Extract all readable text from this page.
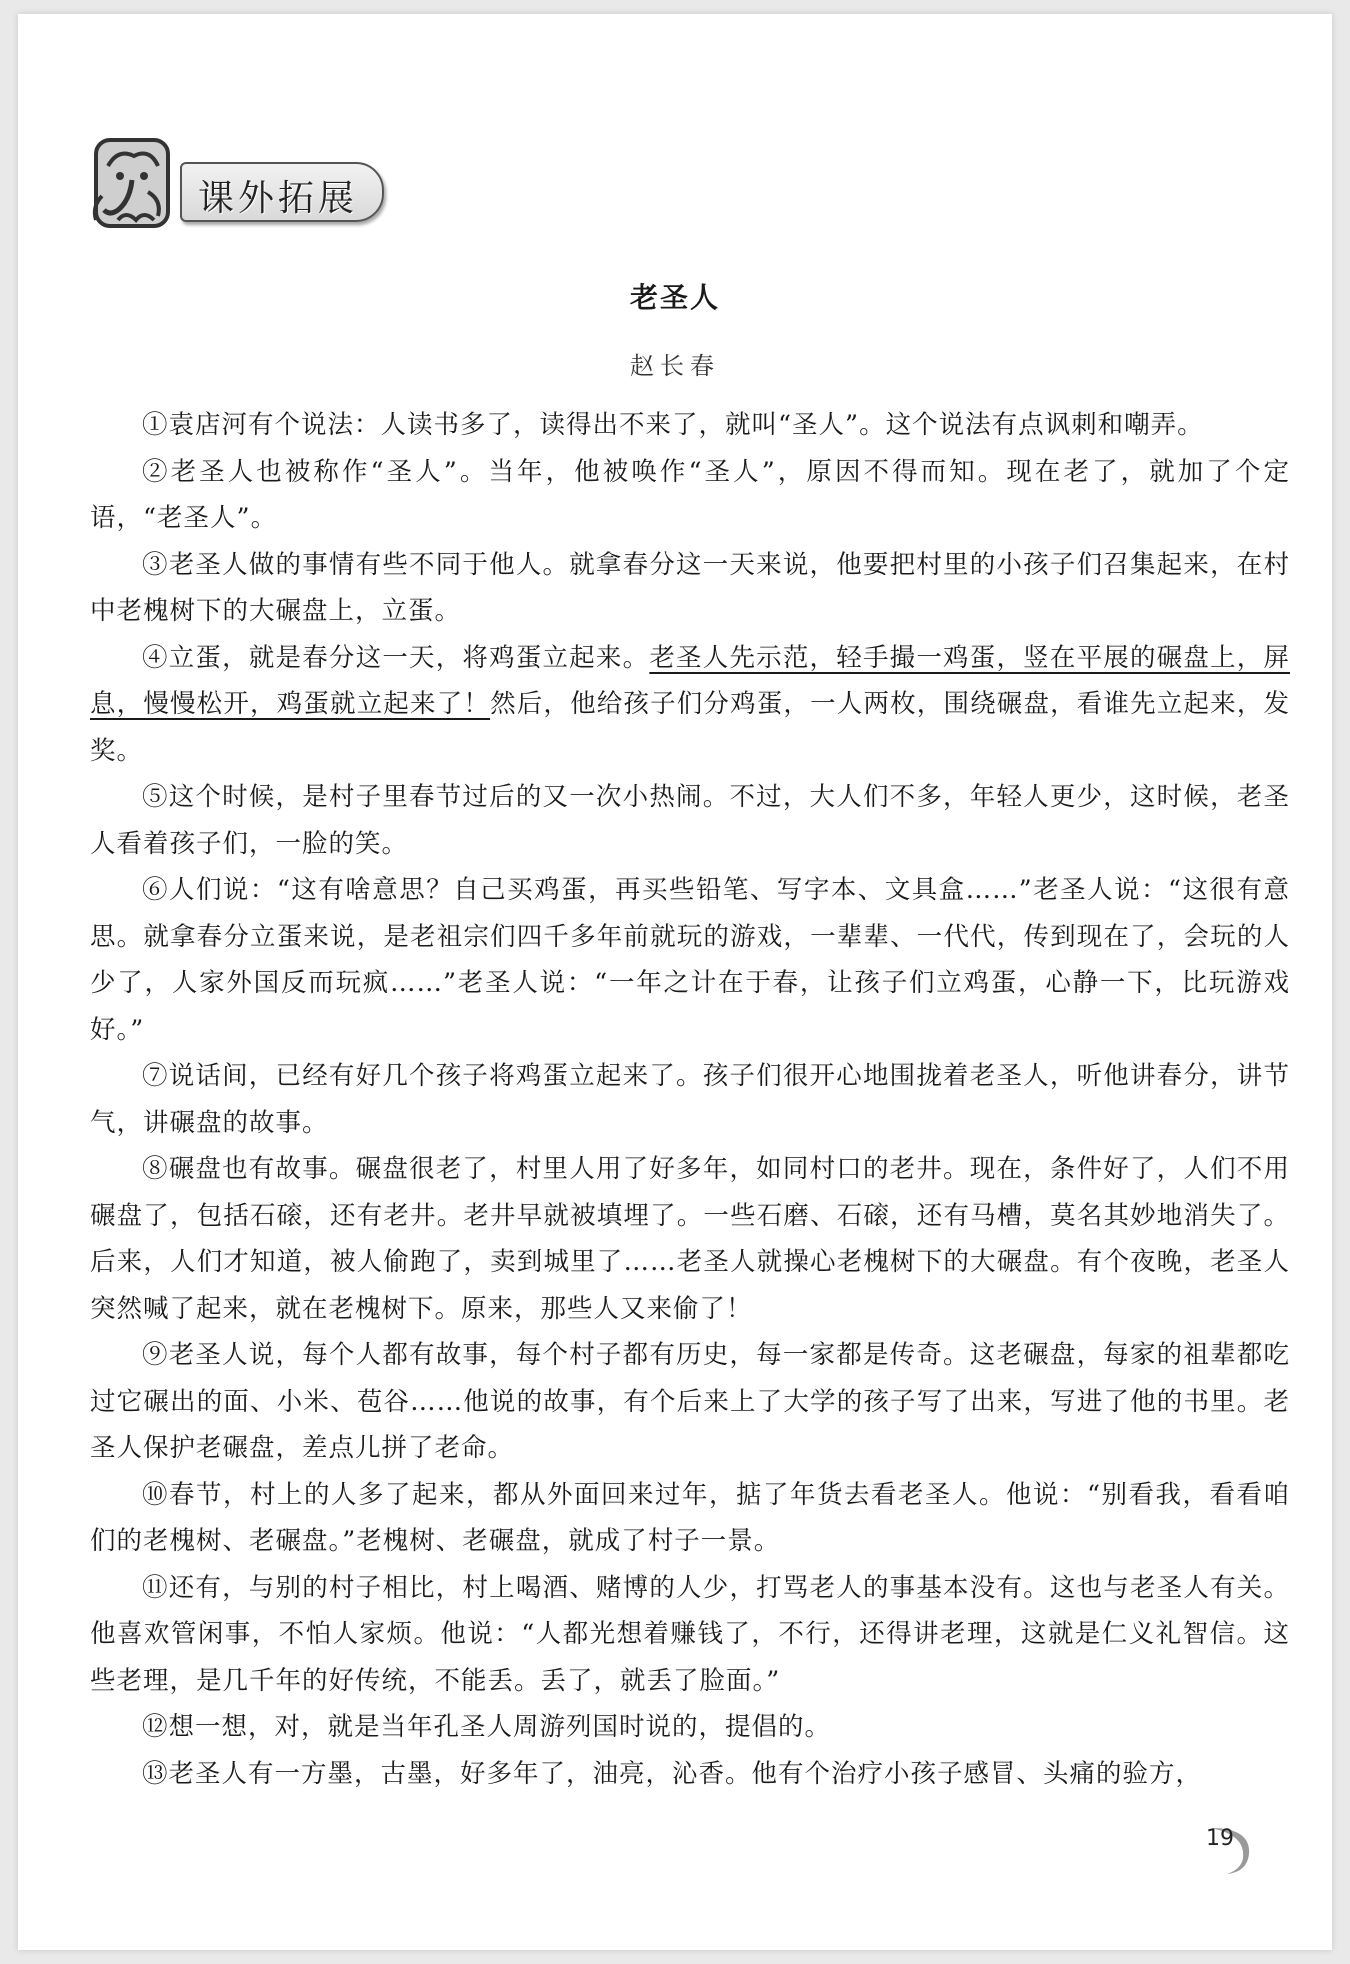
课外拓展
老圣人
赵长春

①袁店河有个说法：人读书多了，读得出不来了，就叫“圣人”。这个说法有点讽刺和嘲弄。

②老圣人也被称作“圣人”。当年，他被唤作“圣人”，原因不得而知。现在老了，就加了个定语，“老圣人”。

③老圣人做的事情有些不同于他人。就拿春分这一天来说，他要把村里的小孩子们召集起来，在村中老槐树下的大碾盘上，立蛋。

④立蛋，就是春分这一天，将鸡蛋立起来。老圣人先示范，轻手撮一鸡蛋，竖在平展的碾盘上，屏息，慢慢松开，鸡蛋就立起来了！然后，他给孩子们分鸡蛋，一人两枚，围绕碾盘，看谁先立起来，发奖。

⑤这个时候，是村子里春节过后的又一次小热闹。不过，大人们不多，年轻人更少，这时候，老圣人看着孩子们，一脸的笑。

⑥人们说：“这有啥意思？自己买鸡蛋，再买些铅笔、写字本、文具盒……”老圣人说：“这很有意思。就拿春分立蛋来说，是老祖宗们四千多年前就玩的游戏，一辈辈、一代代，传到现在了，会玩的人少了，人家外国反而玩疯……”老圣人说：“一年之计在于春，让孩子们立鸡蛋，心静一下，比玩游戏好。”

⑦说话间，已经有好几个孩子将鸡蛋立起来了。孩子们很开心地围拢着老圣人，听他讲春分，讲节气，讲碾盘的故事。

⑧碾盘也有故事。碾盘很老了，村里人用了好多年，如同村口的老井。现在，条件好了，人们不用碾盘了，包括石磙，还有老井。老井早就被填埋了。一些石磨、石磙，还有马槽，莫名其妙地消失了。后来，人们才知道，被人偷跑了，卖到城里了……老圣人就操心老槐树下的大碾盘。有个夜晚，老圣人突然喊了起来，就在老槐树下。原来，那些人又来偷了！

⑨老圣人说，每个人都有故事，每个村子都有历史，每一家都是传奇。这老碾盘，每家的祖辈都吃过它碾出的面、小米、苞谷……他说的故事，有个后来上了大学的孩子写了出来，写进了他的书里。老圣人保护老碾盘，差点儿拼了老命。

⑩春节，村上的人多了起来，都从外面回来过年，掂了年货去看老圣人。他说：“别看我，看看咱们的老槐树、老碾盘。”老槐树、老碾盘，就成了村子一景。

⑪还有，与别的村子相比，村上喝酒、赌博的人少，打骂老人的事基本没有。这也与老圣人有关。他喜欢管闲事，不怕人家烦。他说：“人都光想着赚钱了，不行，还得讲老理，这就是仁义礼智信。这些老理，是几千年的好传统，不能丢。丢了，就丢了脸面。”

⑫想一想，对，就是当年孔圣人周游列国时说的，提倡的。

⑬老圣人有一方墨，古墨，好多年了，油亮，沁香。他有个治疗小孩子感冒、头痛的验方，

19
